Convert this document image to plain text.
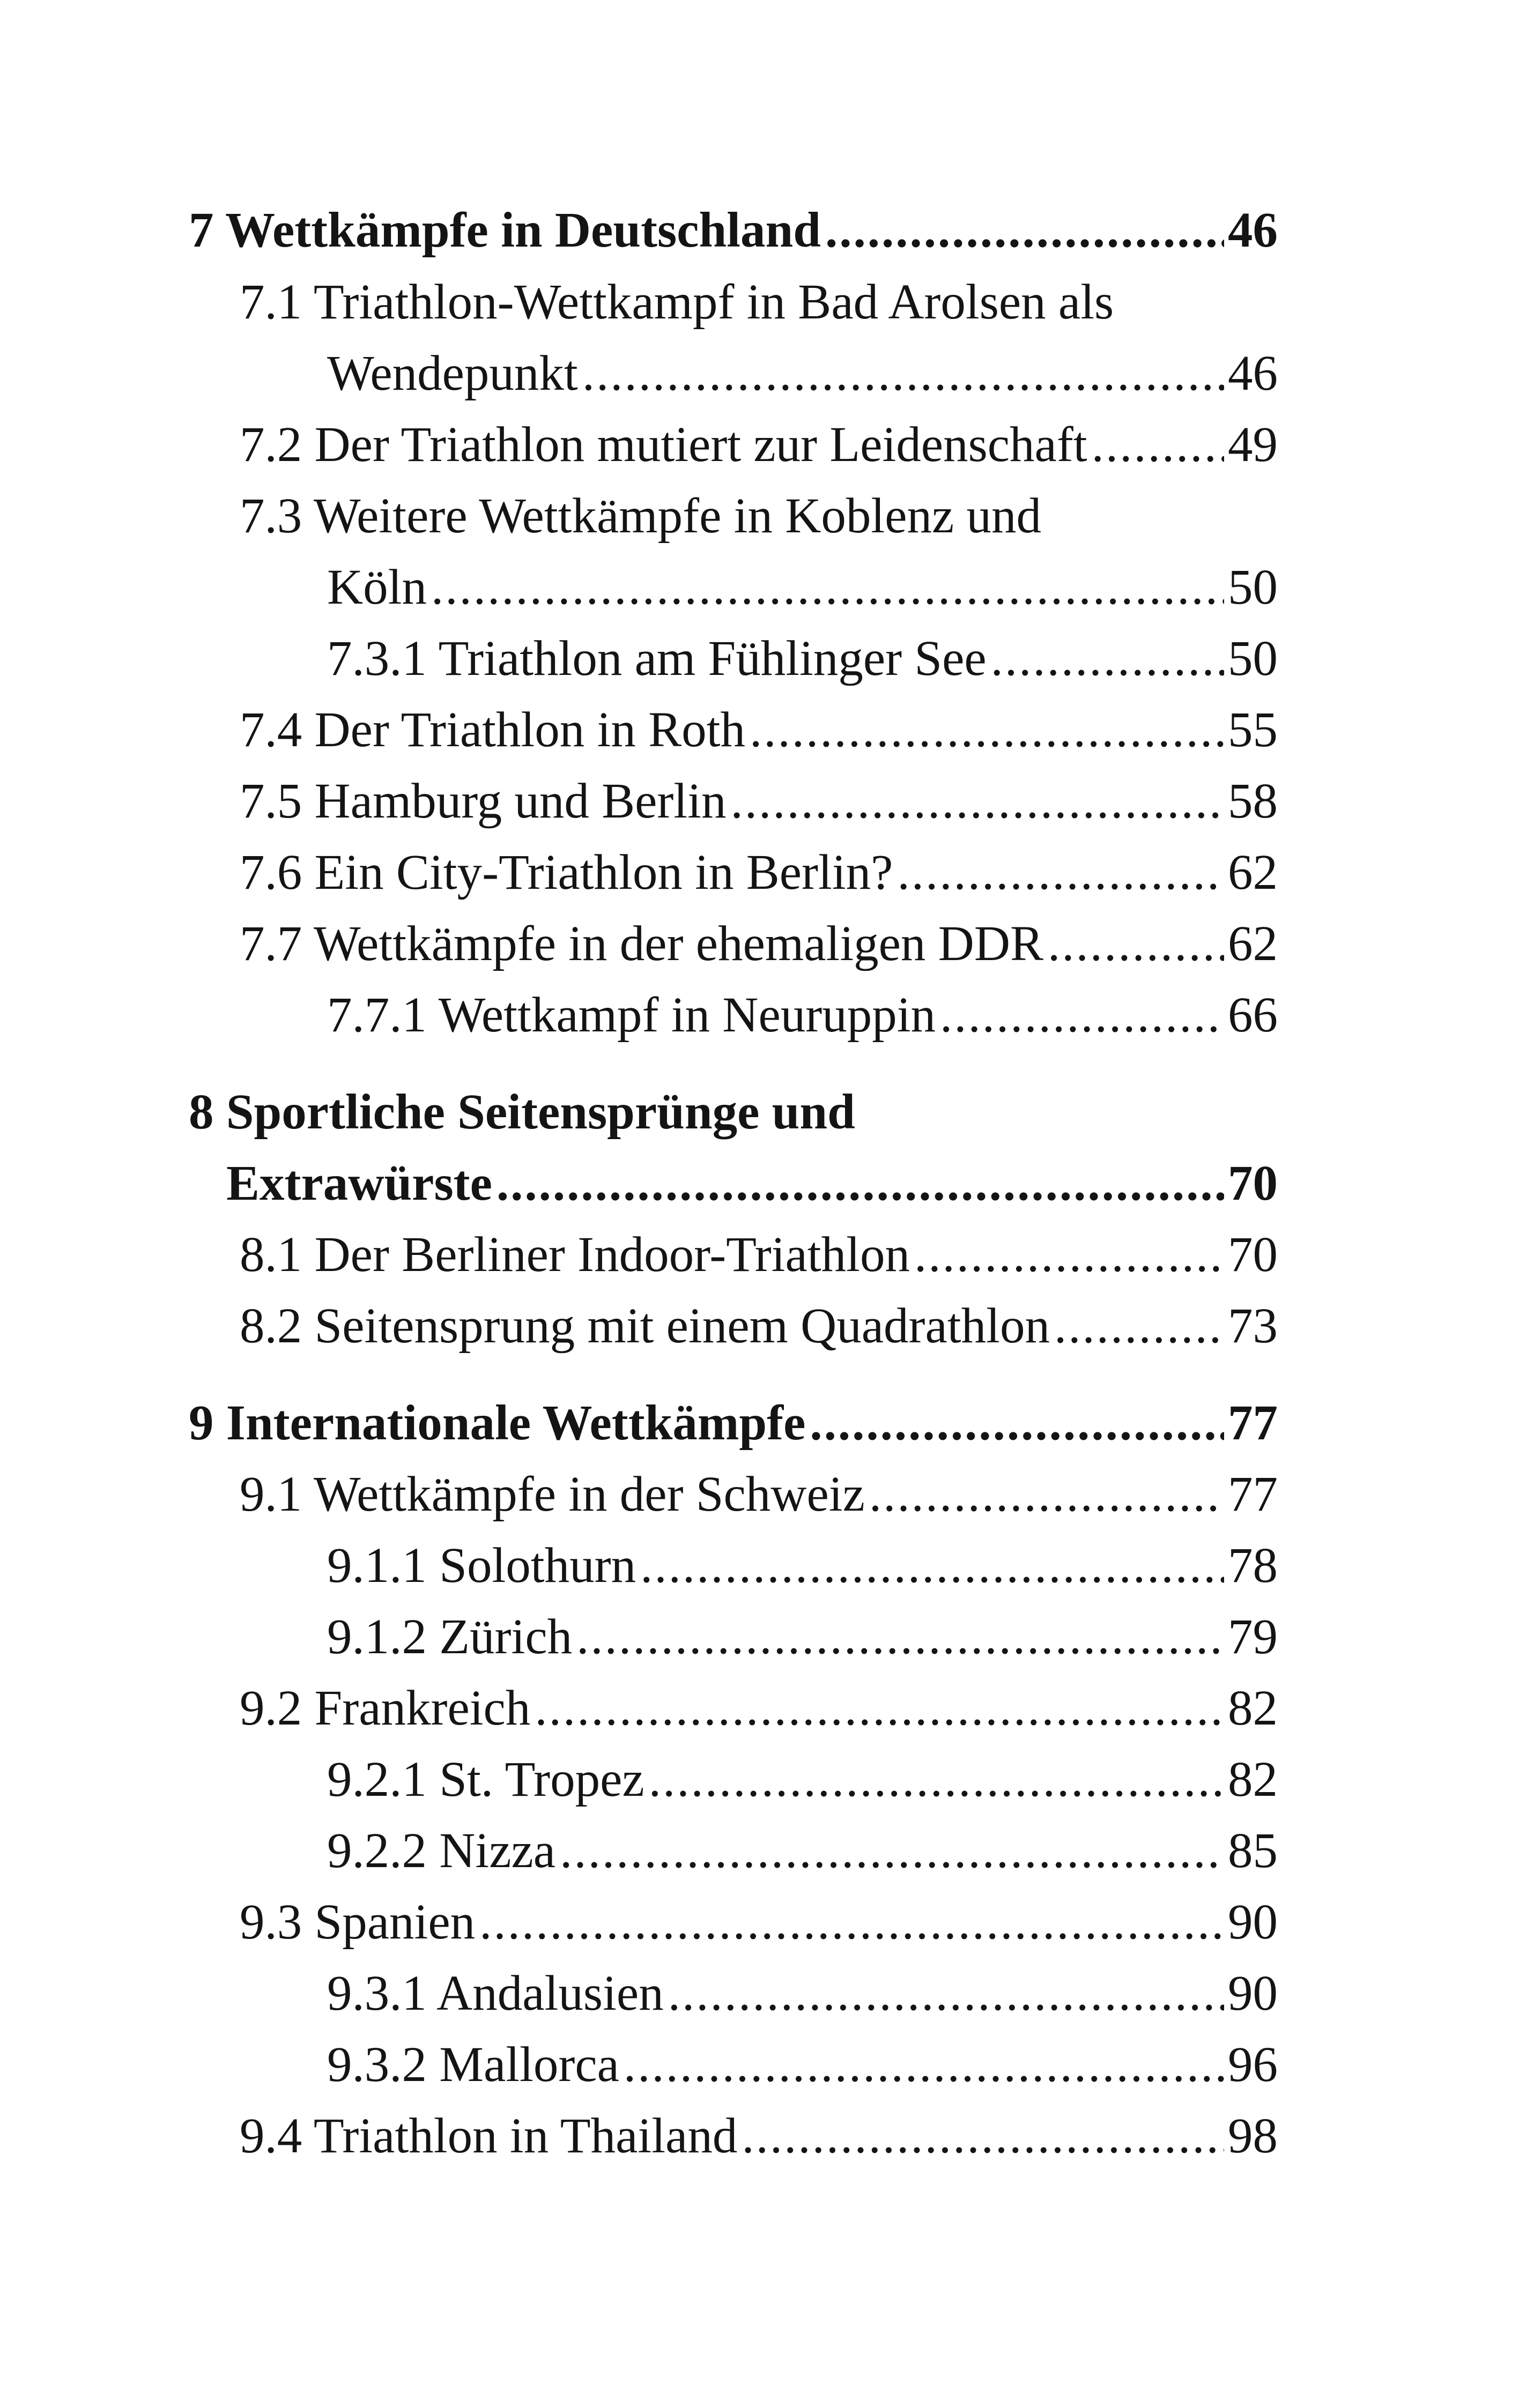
7 Wettkämpfe in Deutschland .....	46
7.1 Triathlon-Wettkampf in Bad Arolsen als
Wendepunkt .....	46
7.2 Der Triathlon mutiert zur Leidenschaft .....	49
7.3 Weitere Wettkämpfe in Koblenz und
Köln .....	50
7.3.1 Triathlon am Fühlinger See .....	50
7.4 Der Triathlon in Roth .....	55
7.5 Hamburg und Berlin .....	58
7.6 Ein City-Triathlon in Berlin? .....	62
7.7 Wettkämpfe in der ehemaligen DDR .....	62
7.7.1 Wettkampf in Neuruppin .....	66
8 Sportliche Seitensprünge und
Extrawürste .....	70
8.1 Der Berliner Indoor-Triathlon .....	70
8.2 Seitensprung mit einem Quadrathlon .....	73
9 Internationale Wettkämpfe .....	77
9.1 Wettkämpfe in der Schweiz .....	77
9.1.1 Solothurn .....	78
9.1.2 Zürich .....	79
9.2 Frankreich .....	82
9.2.1 St. Tropez .....	82
9.2.2 Nizza .....	85
9.3 Spanien .....	90
9.3.1 Andalusien .....	90
9.3.2 Mallorca .....	96
9.4 Triathlon in Thailand .....	98
